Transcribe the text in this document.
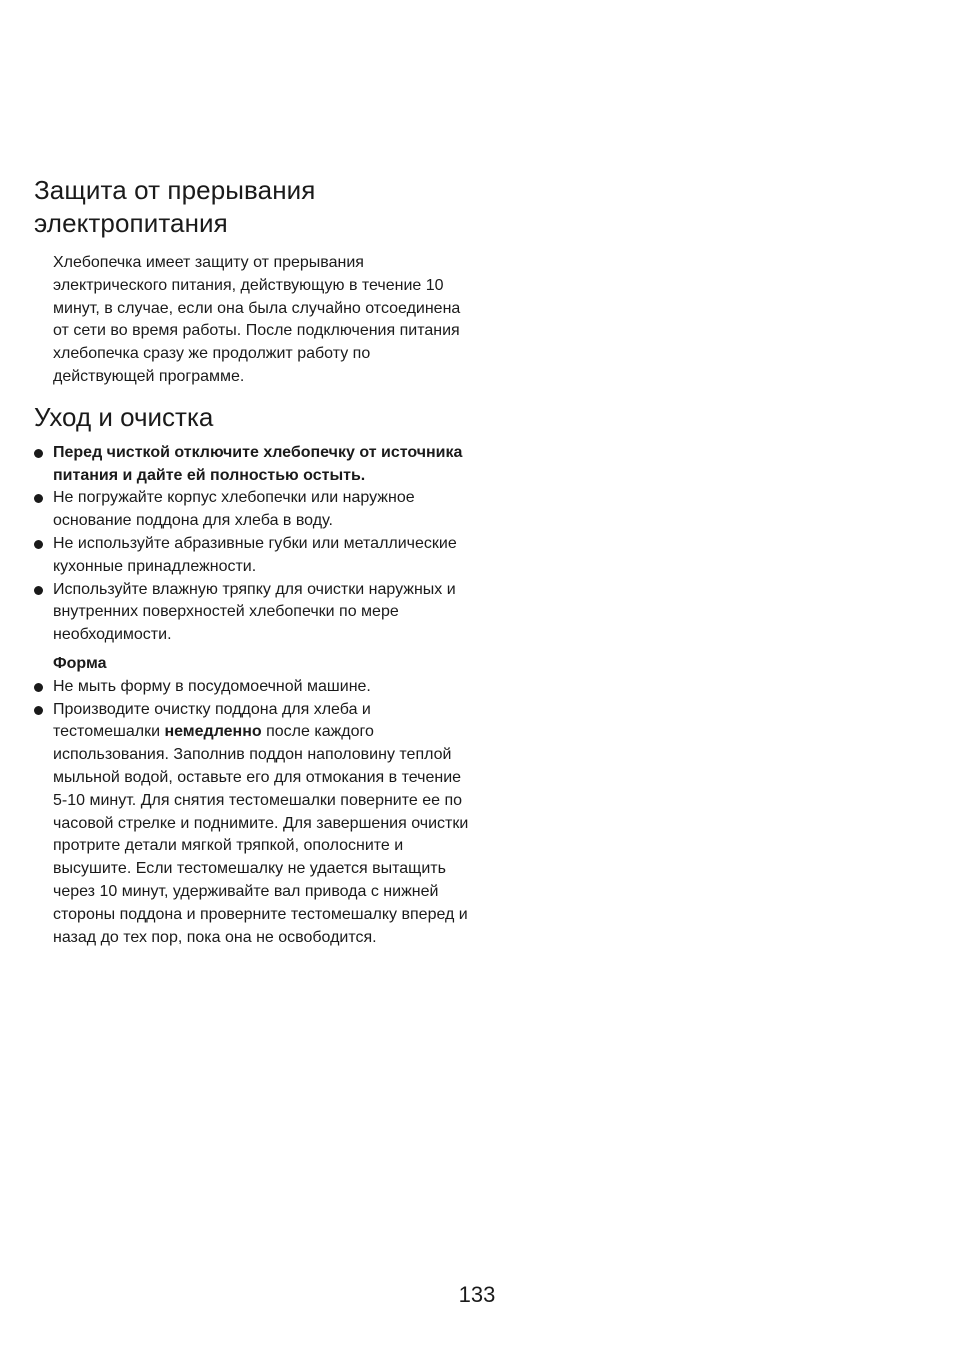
Защита от прерывания
электропитания

Хлебопечка имеет защиту от прерывания электрического питания, действующую в течение 10 минут, в случае, если она была случайно отсоединена от сети во время работы. После подключения питания хлебопечка сразу же продолжит работу по действующей программе.

Уход и очистка
Перед чисткой отключите хлебопечку от источника питания и дайте ей полностью остыть.
Не погружайте корпус хлебопечки или наружное основание поддона для хлеба в воду.
Не используйте абразивные губки или металлические кухонные принадлежности.
Используйте влажную тряпку для очистки наружных и внутренних поверхностей хлебопечки по мере необходимости.
Форма
Не мыть форму в посудомоечной машине.
Производите очистку поддона для хлеба и тестомешалки немедленно после каждого использования. Заполнив поддон наполовину теплой мыльной водой, оставьте его для отмокания в течение 5-10 минут. Для снятия тестомешалки поверните ее по часовой стрелке и поднимите. Для завершения очистки протрите детали мягкой тряпкой, ополосните и высушите. Если тестомешалку не удается вытащить через 10 минут, удерживайте вал привода с нижней стороны поддона и проверните тестомешалку вперед и назад до тех пор, пока она не освободится.
133
